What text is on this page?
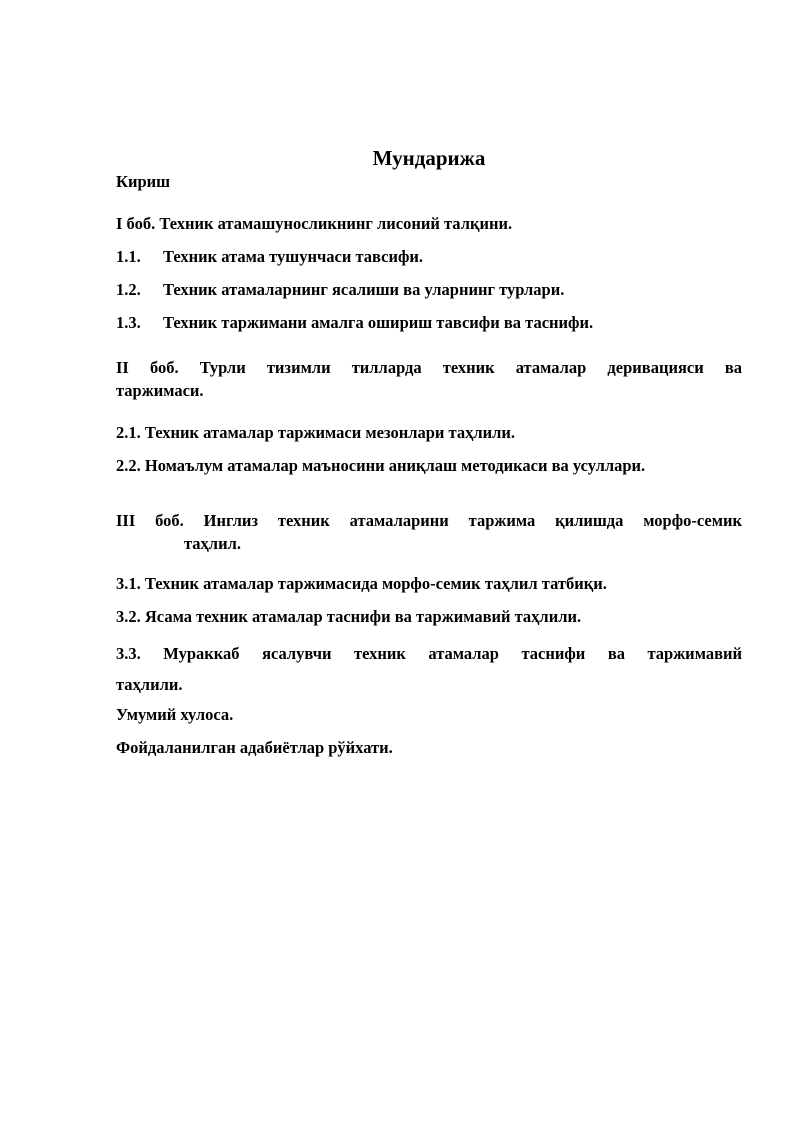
Мундарижа

Кириш

I боб. Техник атамашуносликнинг лисоний талқини.

1.1. Техник атама тушунчаси тавсифи.

1.2. Техник атамаларнинг ясалиши ва уларнинг турлари.

1.3. Техник таржимани амалга ошириш тавсифи ва таснифи.

II боб. Турли тизимли тилларда техник атамалар деривацияси ва
таржимаси.

2.1. Техник атамалар таржимаси мезонлари таҳлили.

2.2. Номаълум атамалар маъносини аниқлаш методикаси ва усуллари.

III боб. Инглиз техник атамаларини таржима қилишда морфо-семик
таҳлил.

3.1. Техник атамалар таржимасида морфо-семик таҳлил татбиқи.

3.2. Ясама техник атамалар таснифи ва таржимавий таҳлили.

3.3. Мураккаб ясалувчи техник атамалар таснифи ва таржимавий
таҳлили.

Умумий хулоса.

Фойдаланилган адабиётлар рўйхати.
